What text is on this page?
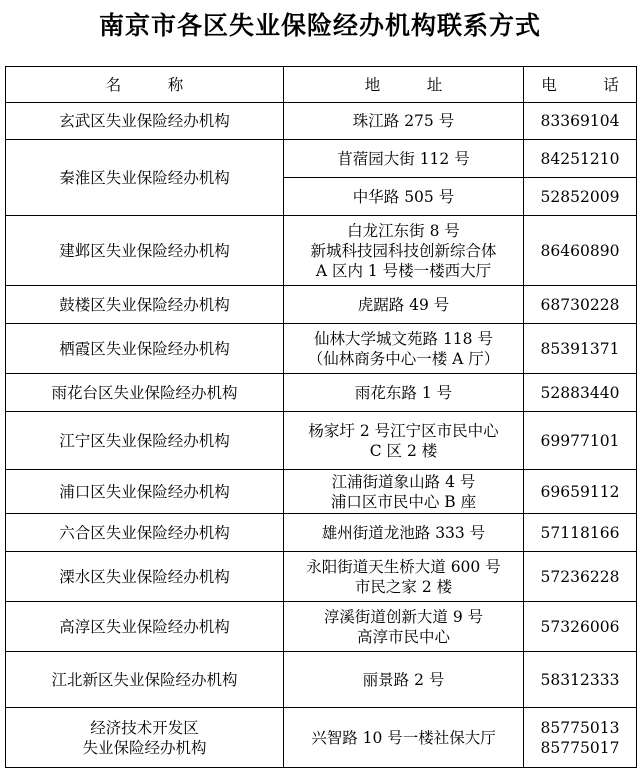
南京市各区失业保险经办机构联系方式
名　　　称	地　　　址	电　　　话

玄武区失业保险经办机构	珠江路 275 号	83369104

秦淮区失业保险经办机构	苜蓿园大街 112 号	84251210

	中华路 505 号	52852009

建邺区失业保险经办机构	白龙江东街 8 号
新城科技园科技创新综合体
A 区内 1 号楼一楼西大厅	86460890

鼓楼区失业保险经办机构	虎踞路 49 号	68730228

栖霞区失业保险经办机构	仙林大学城文苑路 118 号
（仙林商务中心一楼 A 厅）	85391371

雨花台区失业保险经办机构	雨花东路 1 号	52883440

江宁区失业保险经办机构	杨家圩 2 号江宁区市民中心
C 区 2 楼	69977101

浦口区失业保险经办机构	江浦街道象山路 4 号
浦口区市民中心 B 座	69659112

六合区失业保险经办机构	雄州街道龙池路 333 号	57118166

溧水区失业保险经办机构	永阳街道天生桥大道 600 号
市民之家 2 楼	57236228

高淳区失业保险经办机构	淳溪街道创新大道 9 号
高淳市民中心	57326006

江北新区失业保险经办机构	丽景路 2 号	58312333

经济技术开发区
失业保险经办机构	兴智路 10 号一楼社保大厅	85775013
85775017
